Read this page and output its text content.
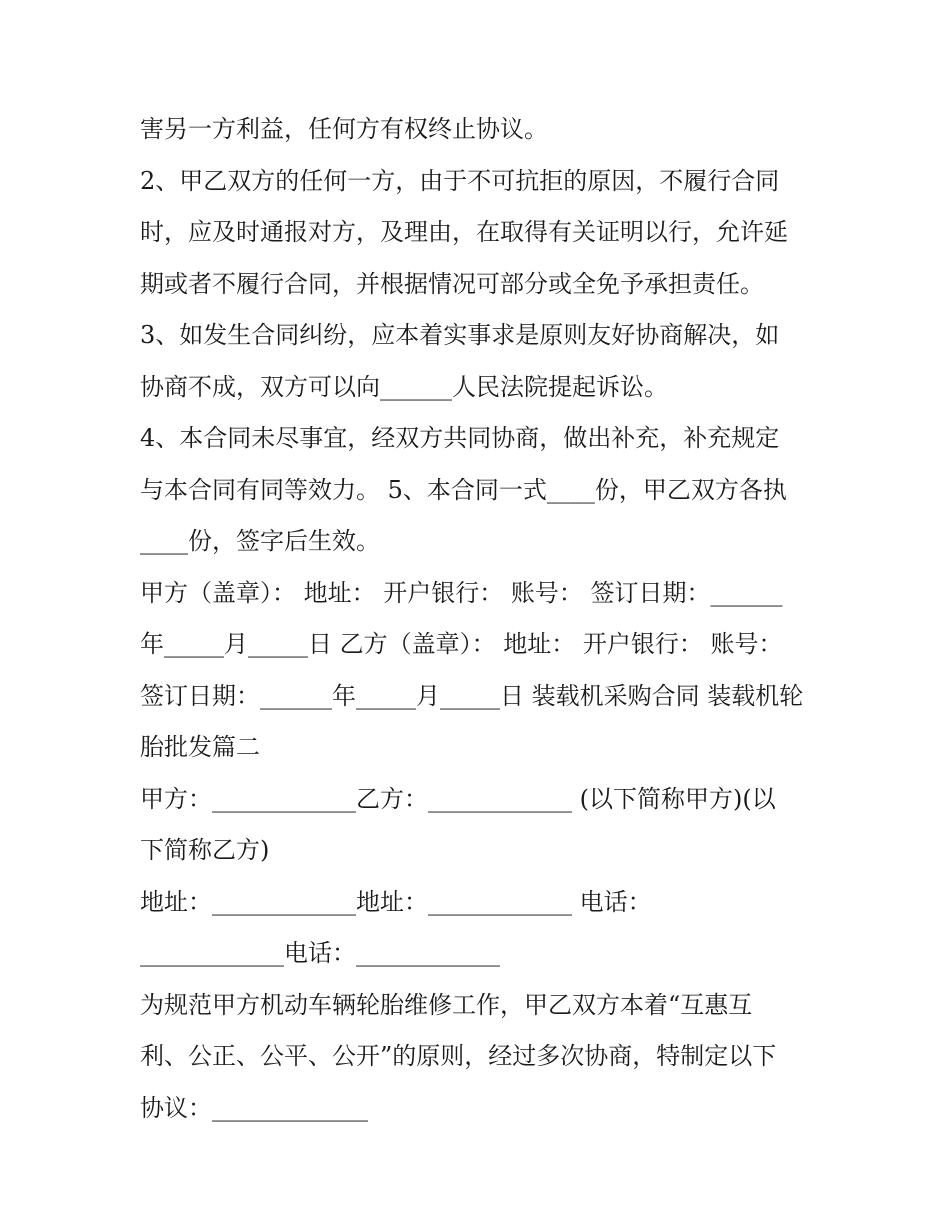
害另一方利益，任何方有权终止协议。
2、甲乙双方的任何一方，由于不可抗拒的原因，不履行合同
时，应及时通报对方，及理由，在取得有关证明以行，允许延
期或者不履行合同，并根据情况可部分或全免予承担责任。
3、如发生合同纠纷，应本着实事求是原则友好协商解决，如
协商不成，双方可以向______人民法院提起诉讼。
4、本合同未尽事宜，经双方共同协商，做出补充，补充规定
与本合同有同等效力。 5、本合同一式____份，甲乙双方各执
____份，签字后生效。
甲方（盖章）： 地址： 开户银行： 账号： 签订日期：______
年_____月_____日 乙方（盖章）： 地址： 开户银行： 账号：
签订日期：______年_____月_____日 装载机采购合同 装载机轮
胎批发篇二
甲方：____________乙方：____________ (以下简称甲方)(以
下简称乙方)
地址：____________地址：____________ 电话：
____________电话：____________
为规范甲方机动车辆轮胎维修工作，甲乙双方本着“互惠互
利、公正、公平、公开”的原则，经过多次协商，特制定以下
协议：_____________
